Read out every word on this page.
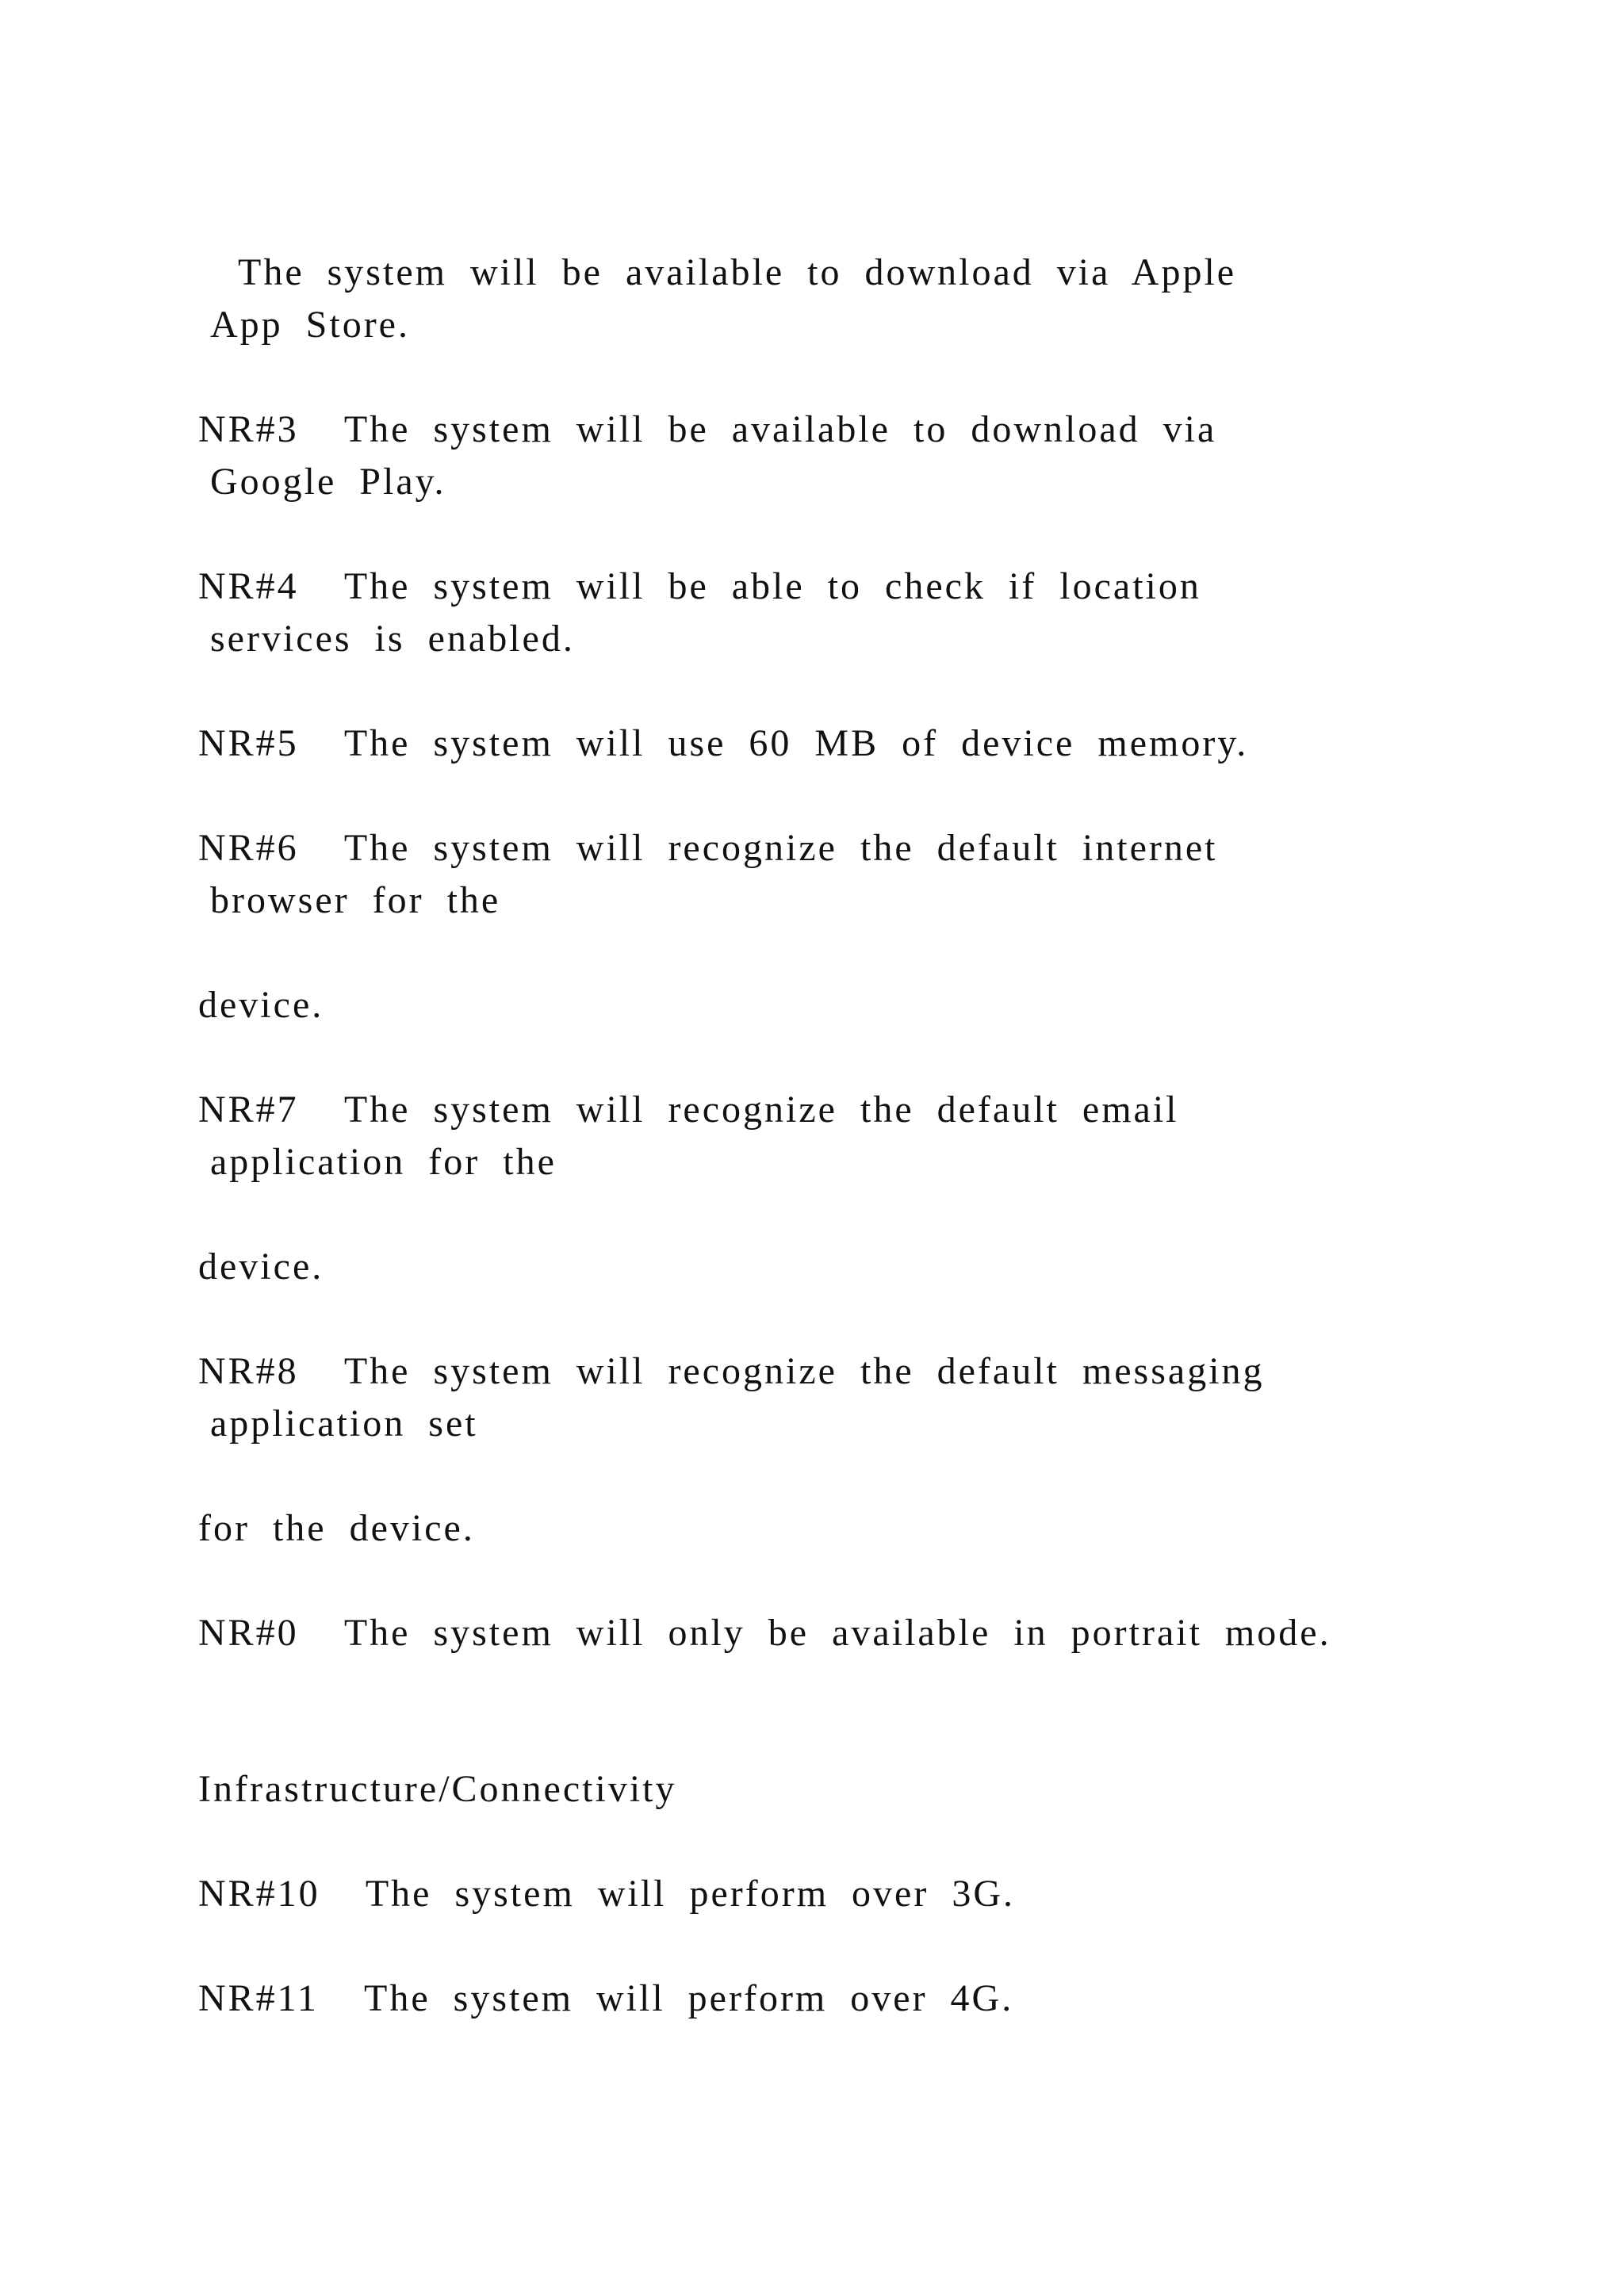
The system will be available to download via Apple
App Store.
NR#3  The system will be available to download via
Google Play.
NR#4  The system will be able to check if location
services is enabled.
NR#5  The system will use 60 MB of device memory.
NR#6  The system will recognize the default internet
browser for the
device.
NR#7  The system will recognize the default email
application for the
device.
NR#8  The system will recognize the default messaging
application set
for the device.
NR#0  The system will only be available in portrait mode.
Infrastructure/Connectivity
NR#10  The system will perform over 3G.
NR#11  The system will perform over 4G.
